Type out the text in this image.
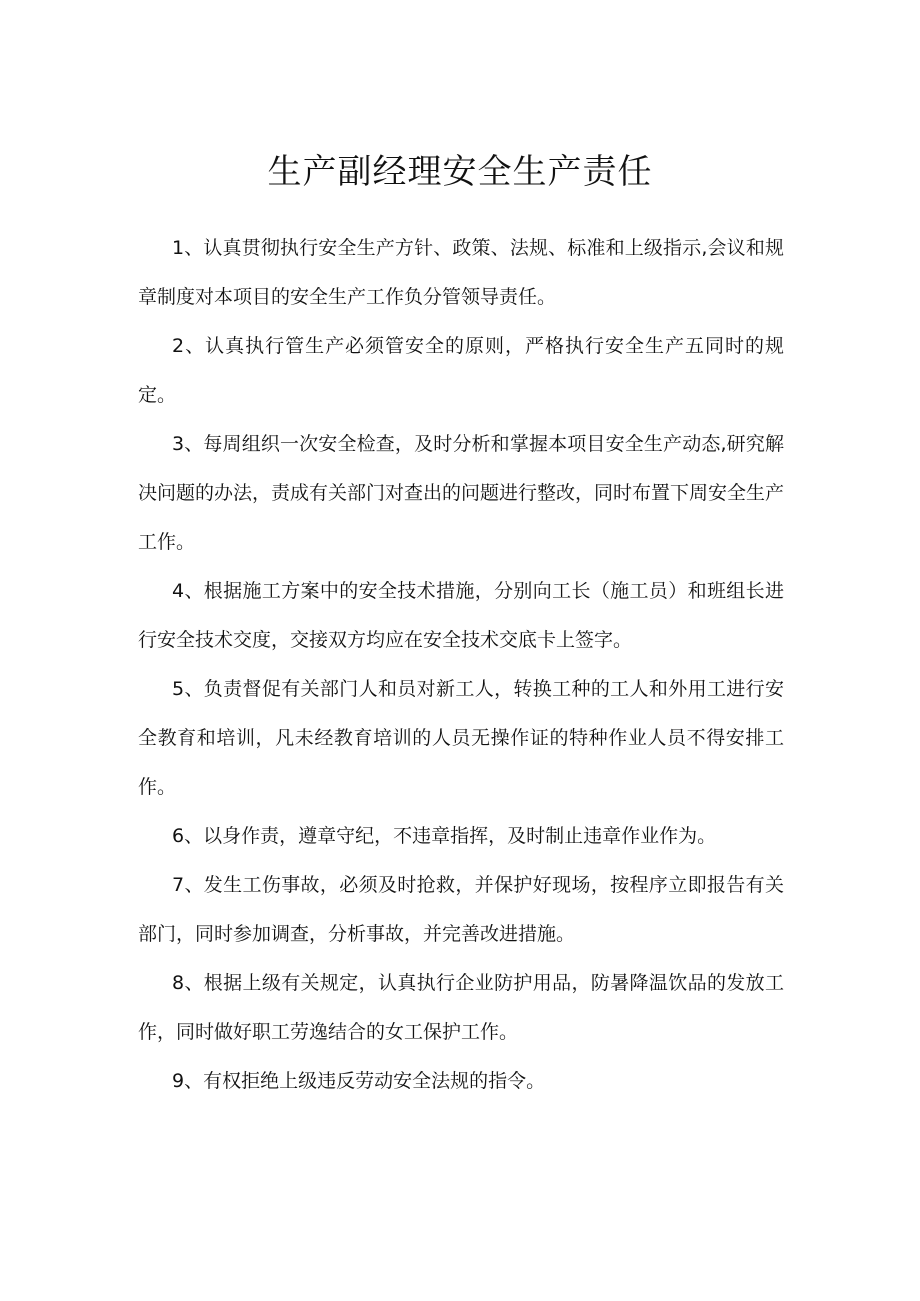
生产副经理安全生产责任
1、认真贯彻执行安全生产方针、政策、法规、标准和上级指示,会议和规章制度对本项目的安全生产工作负分管领导责任。
2、认真执行管生产必须管安全的原则，严格执行安全生产五同时的规定。
3、每周组织一次安全检查，及时分析和掌握本项目安全生产动态,研究解决问题的办法，责成有关部门对查出的问题进行整改，同时布置下周安全生产工作。
4、根据施工方案中的安全技术措施，分别向工长（施工员）和班组长进行安全技术交度，交接双方均应在安全技术交底卡上签字。
5、负责督促有关部门人和员对新工人，转换工种的工人和外用工进行安全教育和培训，凡未经教育培训的人员无操作证的特种作业人员不得安排工作。
6、以身作责，遵章守纪，不违章指挥，及时制止违章作业作为。
7、发生工伤事故，必须及时抢救，并保护好现场，按程序立即报告有关部门，同时参加调查，分析事故，并完善改进措施。
8、根据上级有关规定，认真执行企业防护用品，防暑降温饮品的发放工作，同时做好职工劳逸结合的女工保护工作。
9、有权拒绝上级违反劳动安全法规的指令。
